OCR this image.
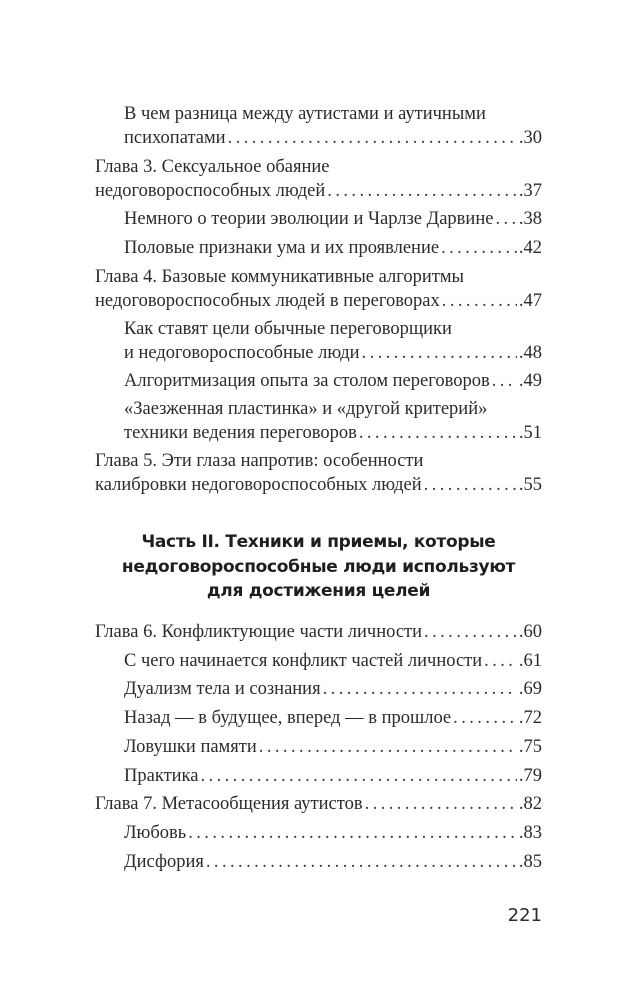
В чем разница между аутистами и аутичными
психопатами . . .	.30
Глава 3. Сексуальное обаяние
недоговороспособных людей . . .	.37
Немного о теории эволюции и Чарлзе Дарвине . . . .38
Половые признаки ума и их проявление . . .	.42
Глава 4. Базовые коммуникативные алгоритмы
недоговороспособных людей в переговорах . . .	.47
Как ставят цели обычные переговорщики
и недоговороспособные люди . . .	.48
Алгоритмизация опыта за столом переговоров . . . .49
«Заезженная пластинка» и «другой критерий»
техники ведения переговоров . . .	.51
Глава 5. Эти глаза напротив: особенности
калибровки недоговороспособных людей . . .	.55
Часть II. Техники и приемы, которые
недоговороспособные люди используют
для достижения целей
Глава 6. Конфликтующие части личности . . .	.60
С чего начинается конфликт частей личности . . . .61
Дуализм тела и сознания . . .	.69
Назад — в будущее, вперед — в прошлое . . .	.72
Ловушки памяти . . .	.75
Практика . . .	.79
Глава 7. Метасообщения аутистов . . .	.82
Любовь . . .	.83
Дисфория . . .	.85
221
